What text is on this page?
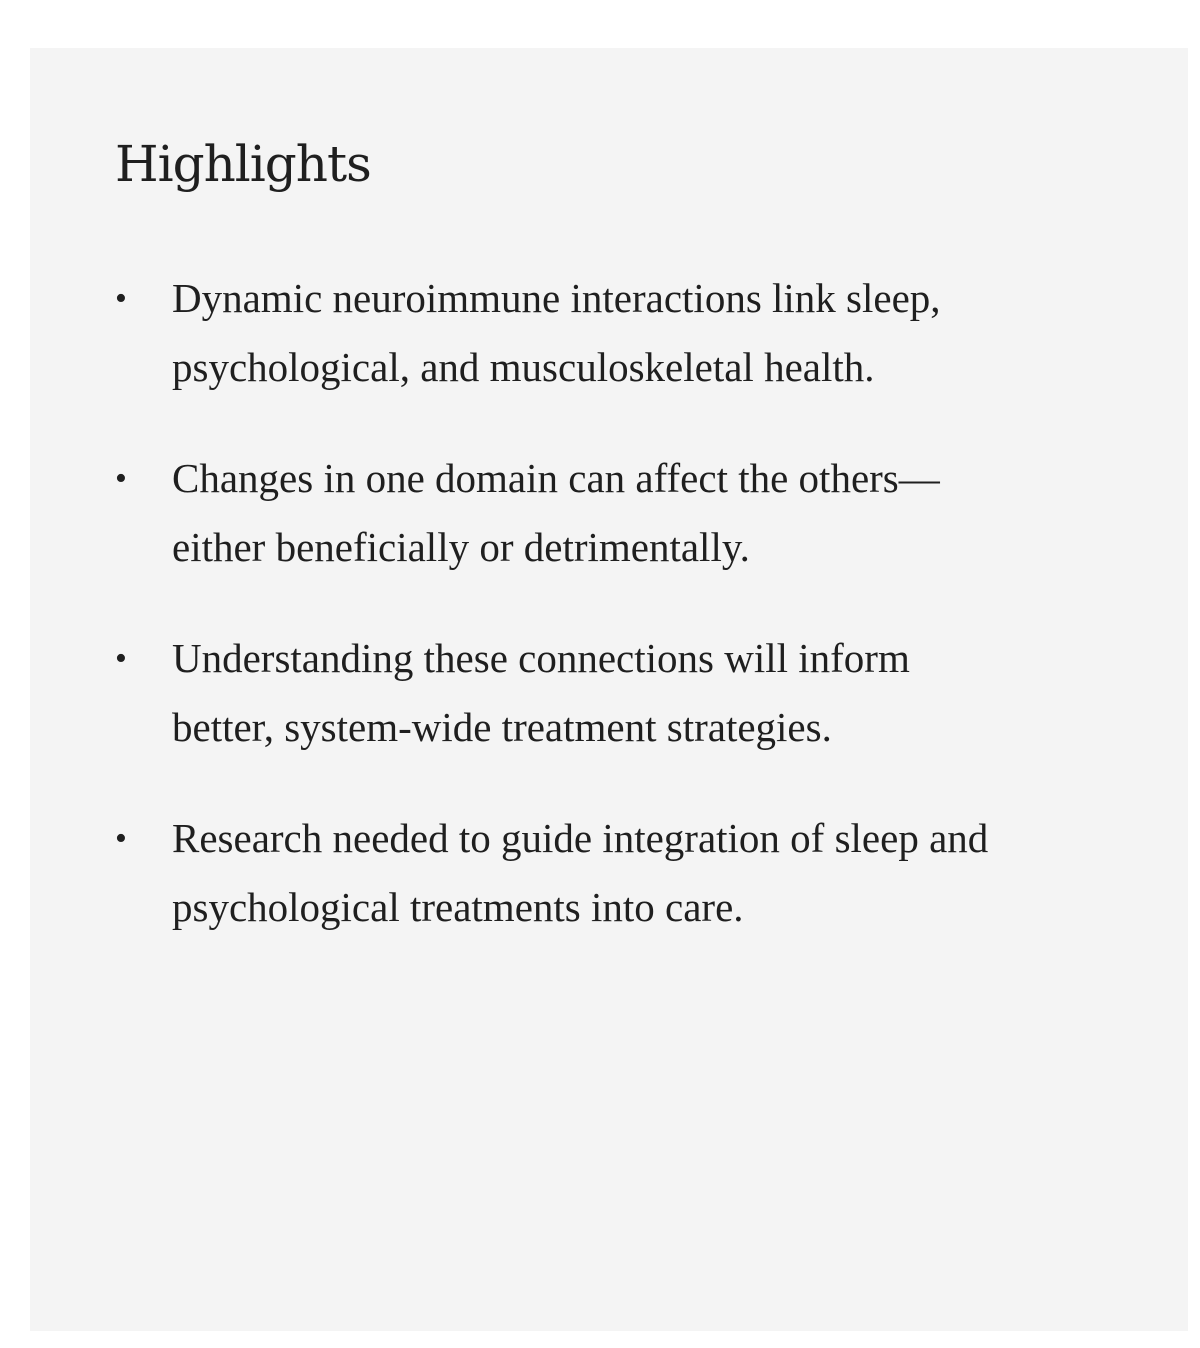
Highlights
• Dynamic neuroimmune interactions link sleep, psychological, and musculoskeletal health.
• Changes in one domain can affect the others—either beneficially or detrimentally.
• Understanding these connections will inform better, system-wide treatment strategies.
• Research needed to guide integration of sleep and psychological treatments into care.
